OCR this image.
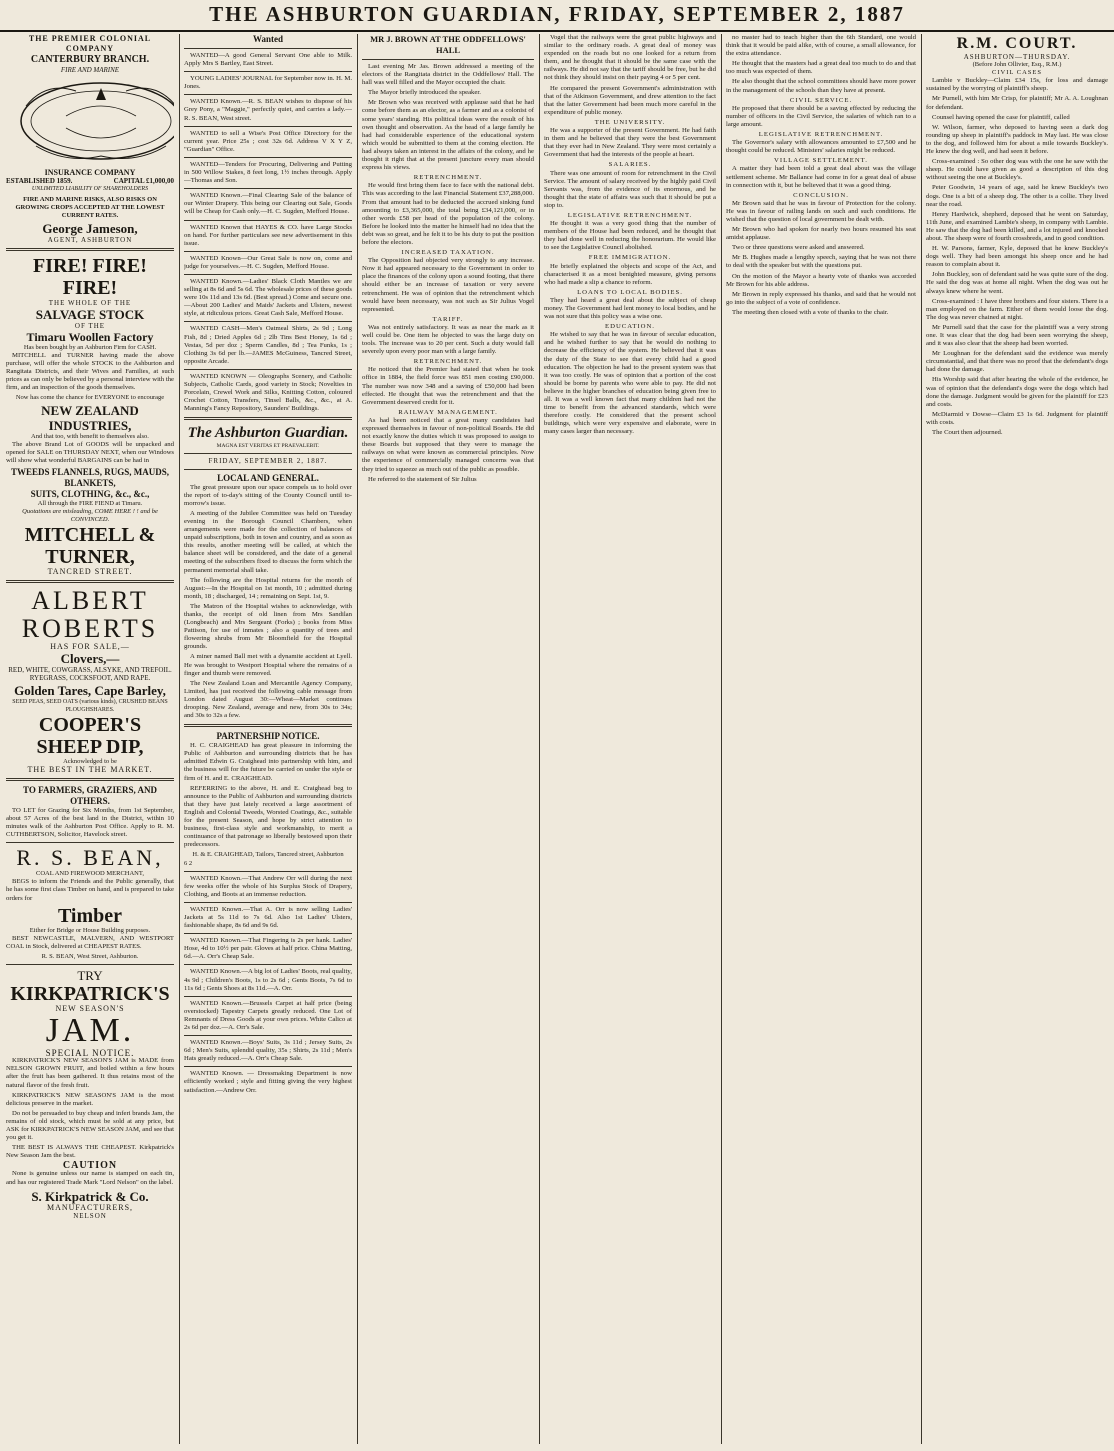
THE ASHBURTON GUARDIAN, FRIDAY, SEPTEMBER 2, 1887
THE PREMIER COLONIAL COMPANY
CANTERBURY BRANCH.
FIRE AND MARINE
INSURANCE COMPANY
ESTABLISHED 1859.	CAPITAL £1,000,00
UNLIMITED LIABILITY OF SHAREHOLDERS
FIRE AND MARINE RISKS, ALSO RISKS ON GROWING CROPS ACCEPTED AT THE LOWEST CURRENT RATES.
George Jameson,
AGENT, ASHBURTON
FIRE! FIRE! FIRE!
THE WHOLE OF THE
SALVAGE STOCK
OF THE
Timaru Woollen Factory
Has been bought by an Ashburton Firm for CASH.

MITCHELL and TURNER having made the above purchase, will offer the whole STOCK to the Ashburton and Rangitata Districts, and their Wives and Families, at such prices as can only be believed by a personal interview with the firm, and an inspection of the goods themselves.

Now has come the chance for EVERYONE to encourage
NEW ZEALAND INDUSTRIES,
And that too, with benefit to themselves also.

The above Brand Lot of GOODS will be unpacked and opened for SALE on THURSDAY NEXT, when our Windows will show what wonderful BARGAINS can be had in

TWEEDS FLANNELS, RUGS, MAUDS, BLANKETS,
SUITS, CLOTHING, &c., &c.,
All through the FIRE FIEND at Timaru.
Quotations are misleading, COME HERE ! ! and be CONVINCED.
MITCHELL & TURNER,
TANCRED STREET.
ALBERT ROBERTS
HAS FOR SALE,—
Clovers,—
RED, WHITE, COWGRASS, ALSYKE, AND TREFOIL.
RYEGRASS, COCKSFOOT, AND RAPE.
Golden Tares, Cape Barley,
SEED PEAS, SEED OATS (various kinds), CRUSHED BEANS PLOUGHSHARES.
COOPER'S SHEEP DIP,
Acknowledged to be
THE BEST IN THE MARKET.
TO FARMERS, GRAZIERS, AND OTHERS.

TO LET for Grazing for Six Months, from 1st September, about 57 Acres of the best land in the District, within 10 minutes walk of the Ashburton Post Office. Apply to R. M. CUTHBERTSON, Solicitor, Havelock street.

R. S. BEAN,
COAL AND FIREWOOD MERCHANT,

BEGS to inform the Friends and the Public generally, that he has some first class Timber on hand, and is prepared to take orders for

Timber
Either for Bridge or House Building purposes.

BEST NEWCASTLE, MALVERN, AND WESTPORT COAL in Stock, delivered at CHEAPEST RATES.

R. S. BEAN, West Street, Ashburton.
TRY
KIRKPATRICK'S
NEW SEASON'S
JAM.
SPECIAL NOTICE.

KIRKPATRICK'S NEW SEASON'S JAM is MADE from NELSON GROWN FRUIT, and boiled within a few hours after the fruit has been gathered. It thus retains most of the natural flavor of the fresh fruit.

KIRKPATRICK'S NEW SEASON'S JAM is the most delicious preserve in the market.

Do not be persuaded to buy cheap and inferi brands Jam, the remains of old stock, which must be sold at any price, but ASK for KIRKPATRICK'S NEW SEASON JAM, and see that you get it.

THE BEST IS ALWAYS THE CHEAPEST. Kirkpatrick's New Season Jam the best.

CAUTION

None is genuine unless our name is stamped on each tin, and has our registered Trade Mark "Lord Nelson" on the label.

S. Kirkpatrick & Co.
MANUFACTURERS,
NELSON
Wanted

WANTED—A good General Servant One able to Milk. Apply Mrs S Bartley, East Street.

YOUNG LADIES' JOURNAL for September now in. H. M. Jones.

WANTED Known.—R. S. BEAN wishes to dispose of his Grey Pony, a "Maggie," perfectly quiet, and carries a lady.—R. S. BEAN, West street.

WANTED to sell a Wise's Post Office Directory for the current year. Price 25s ; cost 32s 6d. Address V X Y Z, "Guardian" Office.

WANTED—Tenders for Procuring, Delivering and Putting in 500 Willow Stakes, 8 feet long, 1½ inches through. Apply—Thomas and Son.

WANTED Known.—Final Clearing Sale of the balance of our Winter Drapery. This being our Clearing out Sale, Goods will be Cheap for Cash only.—H. C. Sugden, Mefford House.

WANTED Known that HAYES & CO. have Large Stocks on hand. For further particulars see new advertisement in this issue.

WANTED Known—Our Great Sale is now on, come and judge for yourselves.—H. C. Sugden, Mefford House.

WANTED Known.—Ladies' Black Cloth Mantles we are selling at 8s 6d and 5s 6d. The wholesale prices of these goods were 10s 11d and 13s 6d. (Best spread.) Come and secure one.—About 200 Ladies' and Maids' Jackets and Ulsters, newest style, at ridiculous prices. Great Cash Sale, Mefford House.

WANTED CASH—Men's Oatmeal Shirts, 2s 9d ; Long Fish, 8d ; Dried Apples 6d ; 2lb Tins Best Honey, 1s 6d ; Vestas, 5d per doz ; Sperm Candles, 8d ; Tea Funks, 1s ; Clothing 3s 6d per lb.—JAMES McGuiness, Tancred Street, opposite Arcade.

WANTED KNOWN — Oleographs Scenery, and Catholic Subjects, Catholic Cards, good variety in Stock; Novelties in Porcelain, Crewel Work and Silks, Knitting Cotton, coloured Crochet Cotton, Transfers, Tinsel Balls, &c., &c., at A. Manning's Fancy Repository, Saunders' Buildings.

The Ashburton Guardian.
MAGNA EST VERITAS ET PRAEVALEBIT.
FRIDAY, SEPTEMBER 2, 1887.
LOCAL AND GENERAL.

The great pressure upon our space compels us to hold over the report of to-day's sitting of the County Council until to-morrow's issue.

A meeting of the Jubilee Committee was held on Tuesday evening in the Borough Council Chambers, when arrangements were made for the collection of balances of unpaid subscriptions, both in town and country, and as soon as this results, another meeting will be called, at which the balance sheet will be considered, and the date of a general meeting of the subscribers fixed to discuss the form which the permanent memorial shall take.

The following are the Hospital returns for the month of August:—In the Hospital on 1st month, 10 ; admitted during month, 18 ; discharged, 14 ; remaining on Sept. 1st, 9.

The Matron of the Hospital wishes to acknowledge, with thanks, the receipt of old linen from Mrs Sandilan (Longbeach) and Mrs Sergeant (Forks) ; books from Miss Pattison, for use of inmates ; also a quantity of trees and flowering shrubs from Mr Bloomfield for the Hospital grounds.

A miner named Ball met with a dynamite accident at Lyell. He was brought to Westport Hospital where the remains of a finger and thumb were removed.

The New Zealand Loan and Mercantile Agency Company, Limited, has just received the following cable message from London dated August 30:—Wheat—Market continues drooping. New Zealand, average and new, from 30s to 34s; and 30s to 32s a few.

PARTNERSHIP NOTICE.

H. C. CRAIGHEAD has great pleasure in informing the Public of Ashburton and surrounding districts that he has admitted Edwin G. Craighead into partnership with him, and the business will for the future be carried on under the style or firm of H. and E. CRAIGHEAD.

REFERRING to the above, H. and E. Craighead beg to announce to the Public of Ashburton and surrounding districts that they have just lately received a large assortment of English and Colonial Tweeds, Worsted Coatings, &c., suitable for the present Season, and hope by strict attention to business, first-class style and workmanship, to merit a continuance of that patronage so liberally bestowed upon their predecessors.

H. & E. CRAIGHEAD, Tailors, Tancred street, Ashburton
6 2

WANTED Known.—That Andrew Orr will during the next few weeks offer the whole of his Surplus Stock of Drapery, Clothing, and Boots at an immense reduction.

WANTED Known.—That A. Orr is now selling Ladies' Jackets at 5s 11d to 7s 6d. Also 1st Ladies' Ulsters, fashionable shape, 8s 6d and 9s 6d.

WANTED Known.—That Fingering is 2s per hank. Ladies' Hose, 4d to 10½ per pair. Gloves at half price. China Matting, 6d.—A. Orr's Cheap Sale.

WANTED Known.—A big lot of Ladies' Boots, real quality, 4s 9d ; Children's Boots, 1s to 2s 6d ; Gents Boots, 7s 6d to 11s 6d ; Gents Shoes at 8s 11d.—A. Orr.

WANTED Known.—Brussels Carpet at half price (being overstocked) Tapestry Carpets greatly reduced. One Lot of Remnants of Dress Goods at your own prices. White Calico at 2s 6d per doz.—A. Orr's Sale.

WANTED Known.—Boys' Suits, 3s 11d ; Jersey Suits, 2s 6d ; Men's Suits, splendid quality, 35s ; Shirts, 2s 11d ; Men's Hats greatly reduced.—A. Orr's Cheap Sale.

WANTED Known. — Dressmaking Department is now efficiently worked ; style and fitting giving the very highest satisfaction.—Andrew Orr.

MR J. BROWN AT THE ODDFELLOWS' HALL

Last evening Mr Jas. Brown addressed a meeting of the electors of the Rangitata district in the Oddfellows' Hall. The hall was well filled and the Mayor occupied the chair.

The Mayor briefly introduced the speaker.

Mr Brown who was received with applause said that he had come before them as an elector, as a farmer and as a colonist of some years' standing. His political ideas were the result of his own thought and observation. As the head of a large family he had had considerable experience of the educational system which would be submitted to them at the coming election. He had always taken an interest in the affairs of the colony, and he thought it right that at the present juncture every man should express his views.

RETRENCHMENT.

He would first bring them face to face with the national debt. This was according to the last Financial Statement £37,288,000. From that amount had to be deducted the accrued sinking fund amounting to £3,365,000, the total being £34,121,000, or in other words £58 per head of the population of the colony. Before he looked into the matter he himself had no idea that the debt was so great, and he felt it to be his duty to put the position before the electors.

INCREASED TAXATION.

The Opposition had objected very strongly to any increase. Now it had appeared necessary to the Government in order to place the finances of the colony upon a sound footing, that there should either be an increase of taxation or very severe retrenchment. He was of opinion that the retrenchment which would have been necessary, was not such as Sir Julius Vogel represented.

TARIFF.

Was not entirely satisfactory. It was as near the mark as it well could be. One item he objected to was the large duty on tools. The increase was to 20 per cent. Such a duty would fall severely upon every poor man with a large family.

RETRENCHMENT.

He noticed that the Premier had stated that when he took office in 1884, the field force was 851 men costing £90,000. The number was now 348 and a saving of £50,000 had been effected. He thought that was the retrenchment and that the Government deserved credit for it.

RAILWAY MANAGEMENT.

As had been noticed that a great many candidates had expressed themselves in favour of non-political Boards. He did not exactly know the duties which it was proposed to assign to these Boards but supposed that they were to manage the railways on what were known as commercial principles. Now the experience of commercially managed concerns was that they tried to squeeze as much out of the public as possible.

He referred to the statement of Sir Julius

Vogel that the railways were the great public highways and similar to the ordinary roads. A great deal of money was expended on the roads but no one looked for a return from them, and he thought that it should be the same case with the railways. He did not say that the tariff should be free, but he did not think they should insist on their paying 4 or 5 per cent.

He compared the present Government's administration with that of the Atkinson Government, and drew attention to the fact that the latter Government had been much more careful in the expenditure of public money.

THE UNIVERSITY.

He was a supporter of the present Government. He had faith in them and he believed that they were the best Government that they ever had in New Zealand. They were most certainly a Government that had the interests of the people at heart.

SALARIES.

There was one amount of room for retrenchment in the Civil Service. The amount of salary received by the highly paid Civil Servants was, from the evidence of its enormous, and he thought that the state of affairs was such that it should be put a stop to.

LEGISLATIVE RETRENCHMENT.

He thought it was a very good thing that the number of members of the House had been reduced, and he thought that they had done well in reducing the honorarium. He would like to see the Legislative Council abolished.

FREE IMMIGRATION.

He briefly explained the objects and scope of the Act, and characterised it as a most benighted measure, giving persons who had made a slip a chance to reform.

LOANS TO LOCAL BODIES.

They had heard a great deal about the subject of cheap money. The Government had lent money to local bodies, and he was not sure that this policy was a wise one.

EDUCATION.

He wished to say that he was in favour of secular education, and he wished further to say that he would do nothing to decrease the efficiency of the system. He believed that it was the duty of the State to see that every child had a good education. The objection he had to the present system was that it was too costly. He was of opinion that a portion of the cost should be borne by parents who were able to pay. He did not believe in the higher branches of education being given free to all. It was a well known fact that many children had not the time to benefit from the advanced standards, which were therefore costly. He considered that the present school buildings, which were very expensive and elaborate, were in many cases larger than necessary.

no master had to teach higher than the 6th Standard, one would think that it would be paid alike, with of course, a small allowance, for the extra attendance.

He thought that the masters had a great deal too much to do and that too much was expected of them.

He also thought that the school committees should have more power in the management of the schools than they have at present.

CIVIL SERVICE.

He proposed that there should be a saving effected by reducing the number of officers in the Civil Service, the salaries of which ran to a large amount.

LEGISLATIVE RETRENCHMENT.

The Governor's salary with allowances amounted to £7,500 and he thought could be reduced. Ministers' salaries might be reduced.

VILLAGE SETTLEMENT.

A matter they had been told a great deal about was the village settlement scheme. Mr Ballance had come in for a great deal of abuse in connection with it, but he believed that it was a good thing.

CONCLUSION.

Mr Brown said that he was in favour of Protection for the colony. He was in favour of railing lands on such and such conditions. He wished that the question of local government be dealt with.

Mr Brown who had spoken for nearly two hours resumed his seat amidst applause.

Two or three questions were asked and answered.

Mr B. Hughes made a lengthy speech, saying that he was not there to deal with the speaker but with the questions put.

On the motion of the Mayor a hearty vote of thanks was accorded Mr Brown for his able address.

Mr Brown in reply expressed his thanks, and said that he would not go into the subject of a vote of confidence.

The meeting then closed with a vote of thanks to the chair.

R.M. COURT.
ASHBURTON—THURSDAY.
(Before John Ollivier, Esq., R.M.)
CIVIL CASES

Lambie v Buckley—Claim £34 15s, for loss and damage sustained by the worrying of plaintiff's sheep.

Mr Purnell, with him Mr Crisp, for plaintiff; Mr A. A. Loughnan for defendant.

Counsel having opened the case for plaintiff, called

W. Wilson, farmer, who deposed to having seen a dark dog rounding up sheep in plaintiff's paddock in May last. He was close to the dog, and followed him for about a mile towards Buckley's. He knew the dog well, and had seen it before.

Cross-examined : So other dog was with the one he saw with the sheep. He could have given as good a description of this dog without seeing the one at Buckley's.

Peter Goodwin, 14 years of age, said he knew Buckley's two dogs. One is a bit of a sheep dog. The other is a collie. They lived near the road.

Henry Hardwick, shepherd, deposed that he went on Saturday, 11th June, and examined Lambie's sheep, in company with Lambie. He saw that the dog had been killed, and a lot injured and knocked about. The sheep were of fourth crossbreds, and in good condition.

H. W. Parsons, farmer, Kyle, deposed that he knew Buckley's dogs well. They had been amongst his sheep once and he had reason to complain about it.

John Buckley, son of defendant said he was quite sure of the dog. He said the dog was at home all night. When the dog was out he always knew where he went.

Cross-examined : I have three brothers and four sisters. There is a man employed on the farm. Either of them would loose the dog. The dog was never chained at night.

Mr Purnell said that the case for the plaintiff was a very strong one. It was clear that the dog had been seen worrying the sheep, and it was also clear that the sheep had been worried.

Mr Loughnan for the defendant said the evidence was merely circumstantial, and that there was no proof that the defendant's dogs had done the damage.

His Worship said that after hearing the whole of the evidence, he was of opinion that the defendant's dogs were the dogs which had done the damage. Judgment would be given for the plaintiff for £23 and costs.

McDiarmid v Dowse—Claim £3 1s 6d. Judgment for plaintiff with costs.

The Court then adjourned.
